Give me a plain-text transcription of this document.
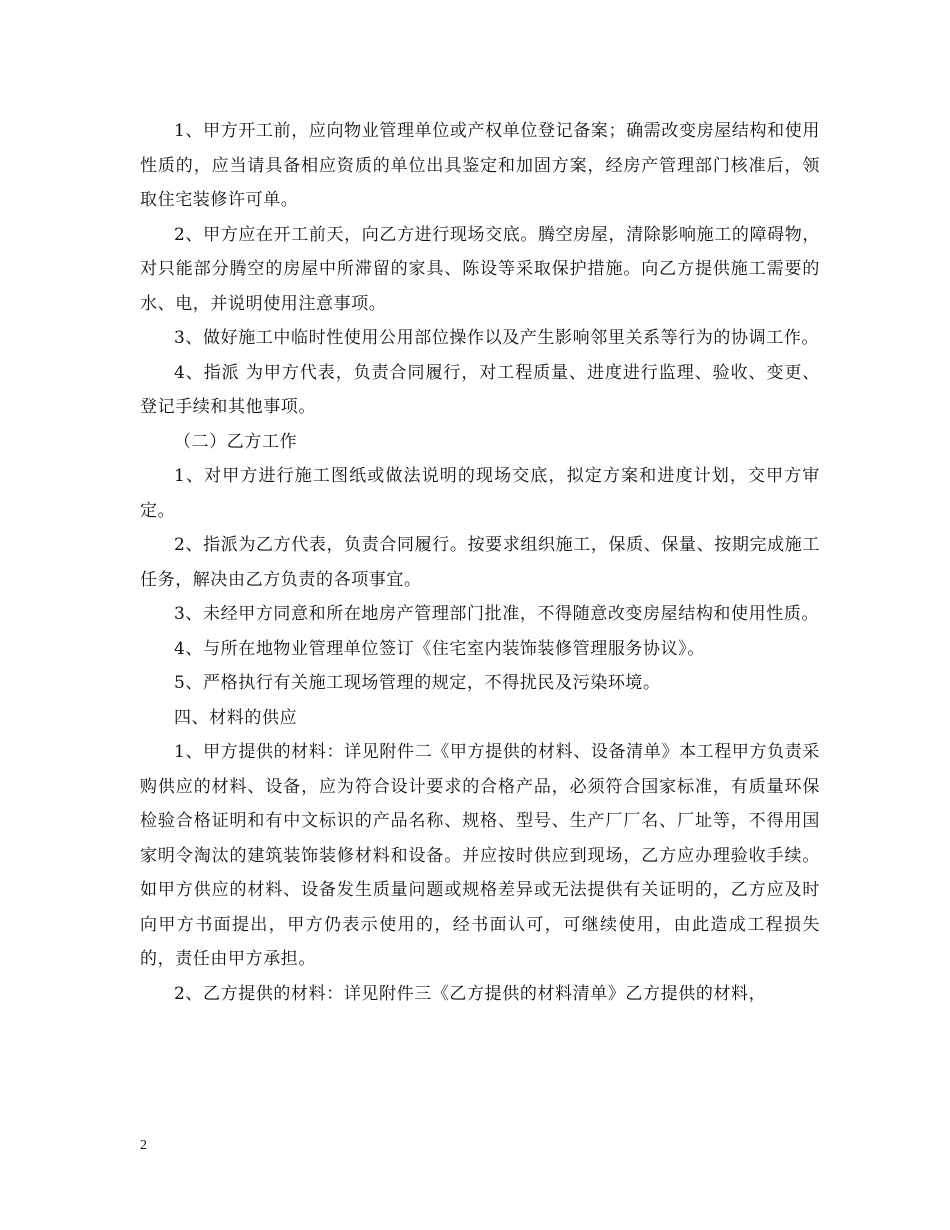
1、甲方开工前，应向物业管理单位或产权单位登记备案；确需改变房屋结构和使用性质的，应当请具备相应资质的单位出具鉴定和加固方案，经房产管理部门核准后，领取住宅装修许可单。

2、甲方应在开工前天，向乙方进行现场交底。腾空房屋，清除影响施工的障碍物，对只能部分腾空的房屋中所滞留的家具、陈设等采取保护措施。向乙方提供施工需要的水、电，并说明使用注意事项。

3、做好施工中临时性使用公用部位操作以及产生影响邻里关系等行为的协调工作。

4、指派 为甲方代表，负责合同履行，对工程质量、进度进行监理、验收、变更、登记手续和其他事项。

（二）乙方工作

1、对甲方进行施工图纸或做法说明的现场交底，拟定方案和进度计划，交甲方审定。

2、指派为乙方代表，负责合同履行。按要求组织施工，保质、保量、按期完成施工任务，解决由乙方负责的各项事宜。

3、未经甲方同意和所在地房产管理部门批准，不得随意改变房屋结构和使用性质。

4、与所在地物业管理单位签订《住宅室内装饰装修管理服务协议》。

5、严格执行有关施工现场管理的规定，不得扰民及污染环境。

四、材料的供应

1、甲方提供的材料：详见附件二《甲方提供的材料、设备清单》本工程甲方负责采购供应的材料、设备，应为符合设计要求的合格产品，必须符合国家标准，有质量环保检验合格证明和有中文标识的产品名称、规格、型号、生产厂厂名、厂址等，不得用国家明令淘汰的建筑装饰装修材料和设备。并应按时供应到现场，乙方应办理验收手续。如甲方供应的材料、设备发生质量问题或规格差异或无法提供有关证明的，乙方应及时向甲方书面提出，甲方仍表示使用的，经书面认可，可继续使用，由此造成工程损失的，责任由甲方承担。

2、乙方提供的材料：详见附件三《乙方提供的材料清单》乙方提供的材料，

2
